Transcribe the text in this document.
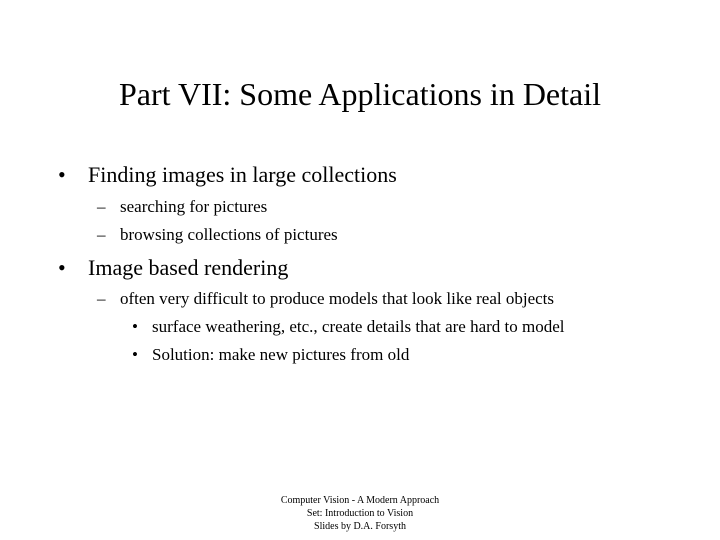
Part VII: Some Applications in Detail
• Finding images in large collections
– searching for pictures
– browsing collections of pictures
• Image based rendering
– often very difficult to produce models that look like real objects
• surface weathering, etc., create details that are hard to model
• Solution: make new pictures from old
Computer Vision - A Modern Approach
Set: Introduction to Vision
Slides by D.A. Forsyth
